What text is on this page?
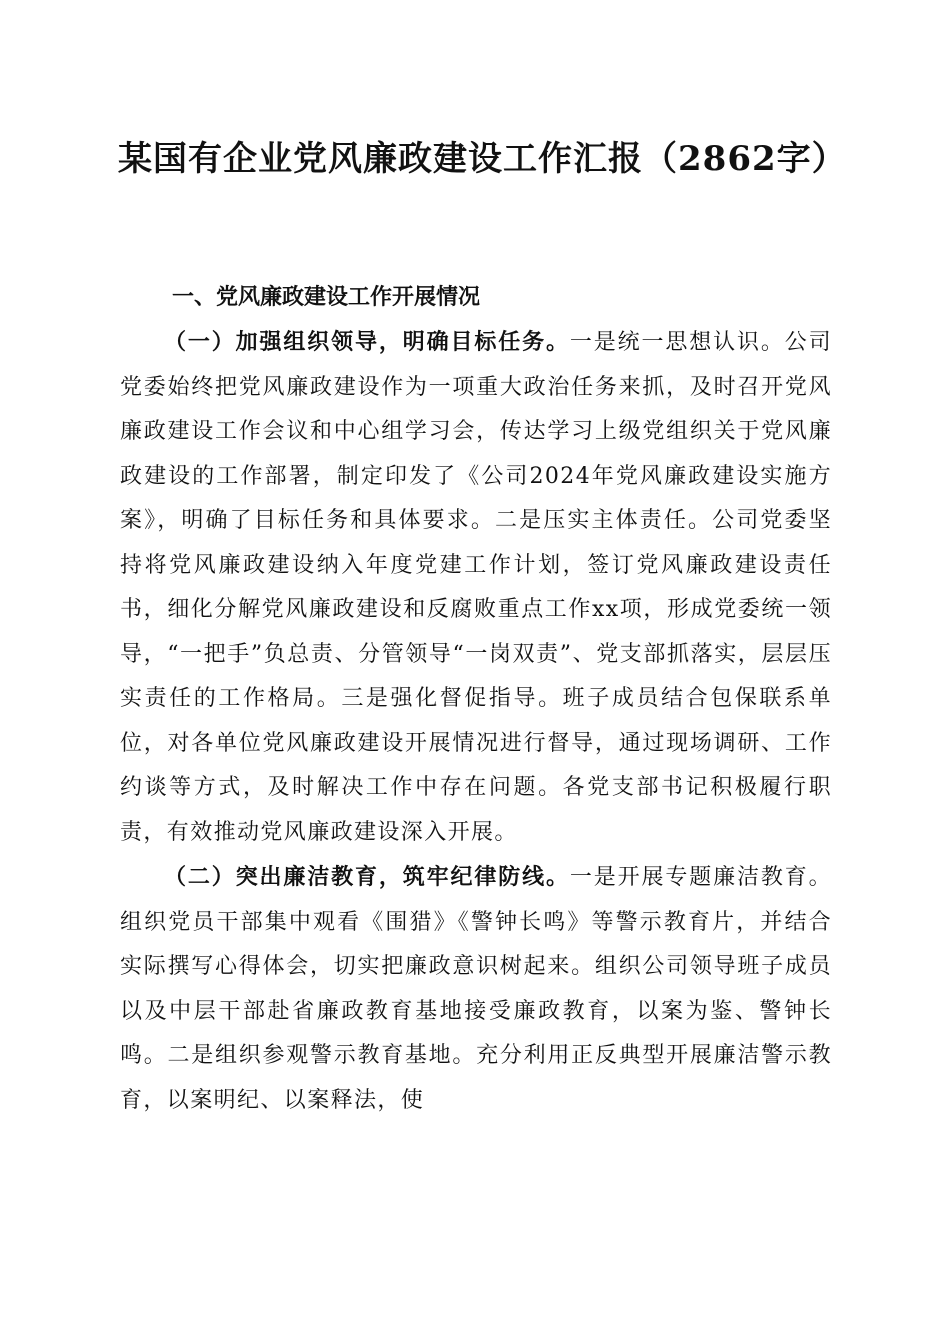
某国有企业党风廉政建设工作汇报（2862字）
一、党风廉政建设工作开展情况

（一）加强组织领导，明确目标任务。一是统一思想认识。公司党委始终把党风廉政建设作为一项重大政治任务来抓，及时召开党风廉政建设工作会议和中心组学习会，传达学习上级党组织关于党风廉政建设的工作部署，制定印发了《公司2024年党风廉政建设实施方案》，明确了目标任务和具体要求。二是压实主体责任。公司党委坚持将党风廉政建设纳入年度党建工作计划，签订党风廉政建设责任书，细化分解党风廉政建设和反腐败重点工作xx项，形成党委统一领导，“一把手”负总责、分管领导“一岗双责”、党支部抓落实，层层压实责任的工作格局。三是强化督促指导。班子成员结合包保联系单位，对各单位党风廉政建设开展情况进行督导，通过现场调研、工作约谈等方式，及时解决工作中存在问题。各党支部书记积极履行职责，有效推动党风廉政建设深入开展。

（二）突出廉洁教育，筑牢纪律防线。一是开展专题廉洁教育。组织党员干部集中观看《围猎》《警钟长鸣》等警示教育片，并结合实际撰写心得体会，切实把廉政意识树起来。组织公司领导班子成员以及中层干部赴省廉政教育基地接受廉政教育，以案为鉴、警钟长鸣。二是组织参观警示教育基地。充分利用正反典型开展廉洁警示教育，以案明纪、以案释法，使
